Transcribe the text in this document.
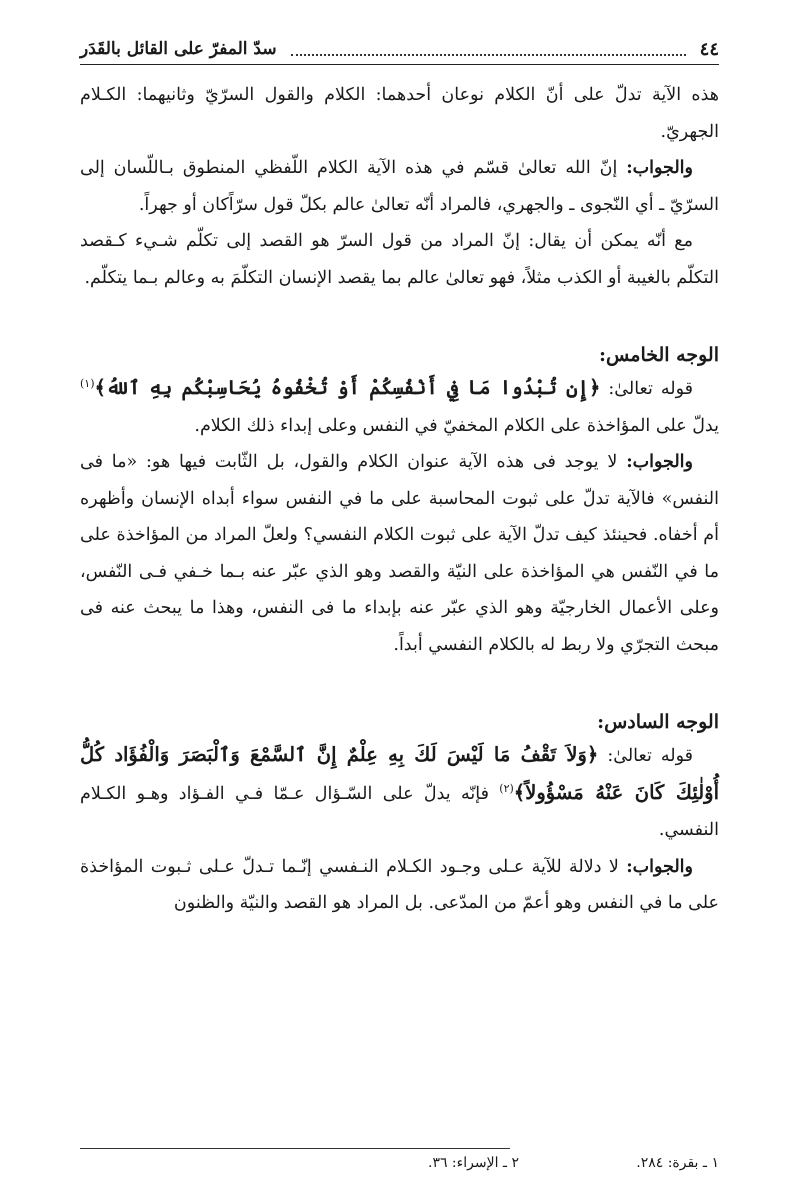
٤٤
سدّ المفرّ على القائل بالقَدَر

هذه الآية تدلّ على أنّ الكلام نوعان أحدهما: الكلام والقول السرّيّ وثانيهما: الكـلام الجهريّ.

والجواب: إنّ الله تعالىٰ قسّم في هذه الآية الكلام اللّفظي المنطوق بـاللّسان إلى السرّيّ ـ أي النّجوى ـ والجهري، فالمراد أنّه تعالىٰ عالم بكلّ قول سرّاًكان أو جهراً.

مع أنّه يمكن أن يقال: إنّ المراد من قول السرّ هو القصد إلى تكلّم شـيء كـقصد التكلّم بالغيبة أو الكذب مثلاً، فهو تعالىٰ عالم بما يقصد الإنسان التكلّمَ به وعالم بـما يتكلّم.

الوجه الخامس:

قوله تعالىٰ: ﴿إِن تُبْدُوا مَا فِي أَنْفُسِكُمْ أَوْ تُخْفُوهُ يُحَاسِبْكُم بِهِ ٱللهُ﴾$^{(١)}$ يدلّ على المؤاخذة على الكلام المخفيّ في النفس وعلى إبداء ذلك الكلام.

والجواب: لا يوجد فى هذه الآية عنوان الكلام والقول، بل الثّابت فيها هو: «ما فى النفس» فالآية تدلّ على ثبوت المحاسبة على ما في النفس سواء أبداه الإنسان وأظهره أم أخفاه. فحينئذ كيف تدلّ الآية على ثبوت الكلام النفسي؟ ولعلّ المراد من المؤاخذة على ما في النّفس هي المؤاخذة على النيّة والقصد وهو الذي عبّر عنه بـما خـفي فـى النّفس، وعلى الأعمال الخارجيّة وهو الذي عبّر عنه بإبداء ما فى النفس، وهذا ما يبحث عنه فى مبحث التجرّي ولا ربط له بالكلام النفسي أبداً.

الوجه السادس:

قوله تعالىٰ: ﴿وَلاَ تَقْفُ مَا لَيْسَ لَكَ بِهِ عِلْمٌ إِنَّ ٱلسَّمْعَ وَٱلْبَصَرَ وَالْفُؤَاد كُلُّ أُوْلٰئِكَ كَانَ عَنْهُ مَسْؤُولاً﴾$^{(٢)}$ فإنّه يدلّ على السّـؤال عـمّا فـي الفـؤاد وهـو الكـلام النفسي.

والجواب: لا دلالة للآية عـلى وجـود الكـلام النـفسي إنّـما تـدلّ عـلى ثـبوت المؤاخذة على ما في النفس وهو أعمّ من المدّعى. بل المراد هو القصد والنيّة والظنون

١ ـ بقرة: ٢٨٤.
٢ ـ الإسراء: ٣٦.
